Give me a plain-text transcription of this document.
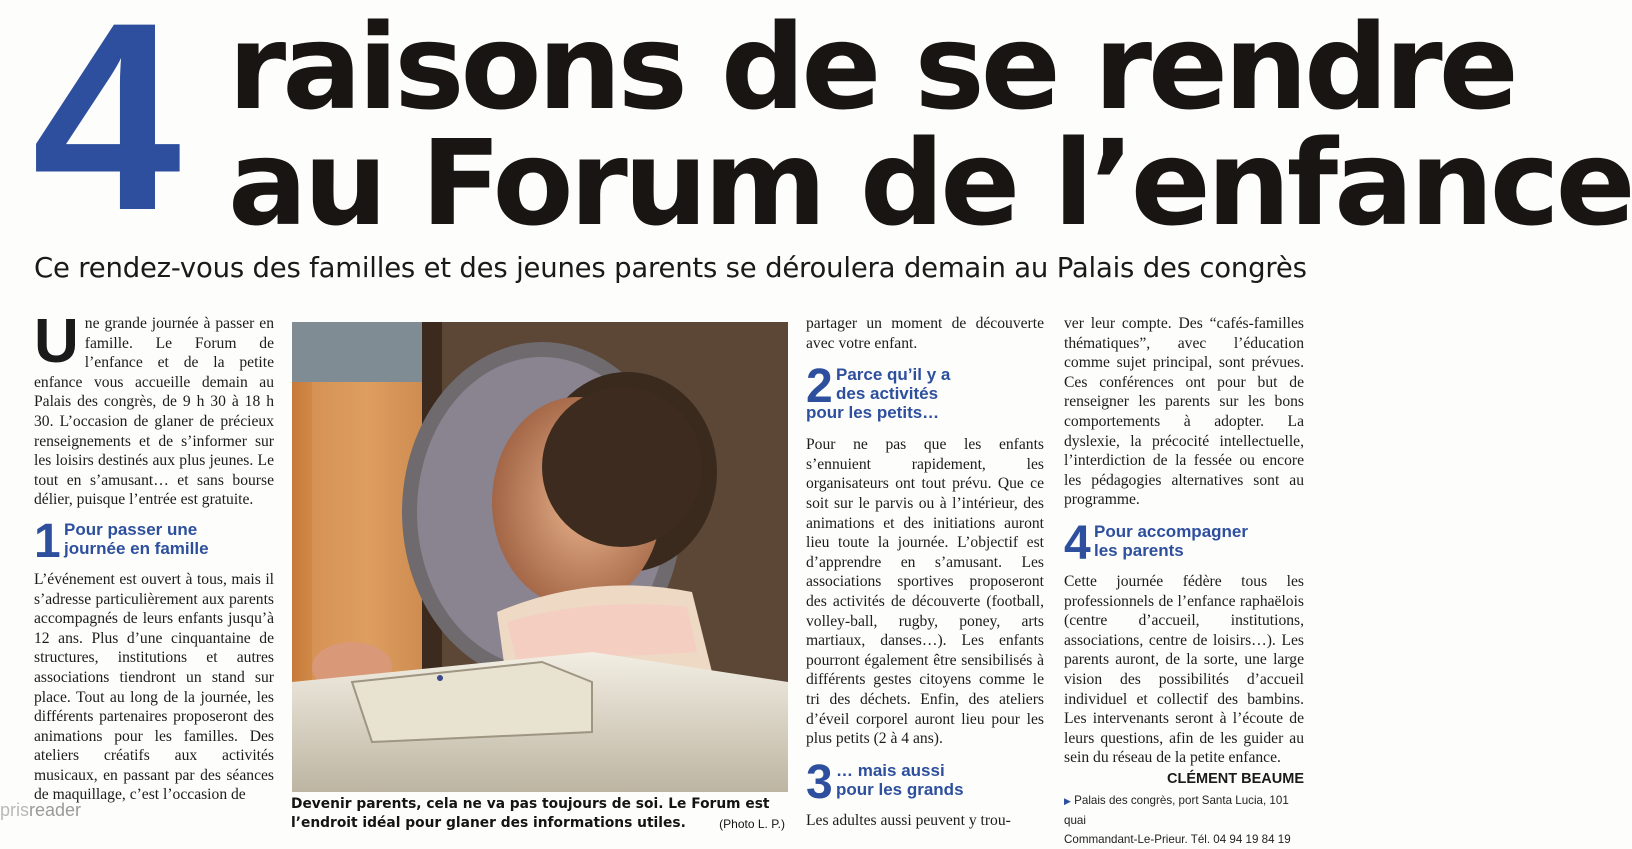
4 raisons de se rendre
au Forum de l’enfance
Ce rendez-vous des familles et des jeunes parents se déroulera demain au Palais des congrès

Une grande journée à passer en famille. Le Forum de l’enfance et de la petite enfance vous accueille demain au Palais des congrès, de 9 h 30 à 18 h 30. L’occasion de glaner de précieux renseignements et de s’informer sur les loisirs destinés aux plus jeunes. Le tout en s’amusant… et sans bourse délier, puisque l’entrée est gratuite.

1 Pour passer une
journée en famille

L’événement est ouvert à tous, mais il s’adresse particulièrement aux parents accompagnés de leurs enfants jusqu’à 12 ans. Plus d’une cinquantaine de structures, institutions et autres associations tiendront un stand sur place. Tout au long de la journée, les différents partenaires proposeront des animations pour les familles. Des ateliers créatifs aux activités musicaux, en passant par des séances de maquillage, c’est l’occasion de

Devenir parents, cela ne va pas toujours de soi. Le Forum est l’endroit idéal pour glaner des informations utiles.	(Photo L. P.)

partager un moment de découverte avec votre enfant.

2 Parce qu’il y a
des activités
pour les petits…

Pour ne pas que les enfants s’ennuient rapidement, les organisateurs ont tout prévu. Que ce soit sur le parvis ou à l’intérieur, des animations et des initiations auront lieu toute la journée. L’objectif est d’apprendre en s’amusant. Les associations sportives proposeront des activités de découverte (football, volley-ball, rugby, poney, arts martiaux, danses…). Les enfants pourront également être sensibilisés à différents gestes citoyens comme le tri des déchets. Enfin, des ateliers d’éveil corporel auront lieu pour les plus petits (2 à 4 ans).

3 … mais aussi
pour les grands

Les adultes aussi peuvent y trou-

ver leur compte. Des “cafés-familles thématiques”, avec l’éducation comme sujet principal, sont prévues. Ces conférences ont pour but de renseigner les parents sur les bons comportements à adopter. La dyslexie, la précocité intellectuelle, l’interdiction de la fessée ou encore les pédagogies alternatives sont au programme.

4 Pour accompagner
les parents

Cette journée fédère tous les professionnels de l’enfance raphaëlois (centre d’accueil, institutions, associations, centre de loisirs…). Les parents auront, de la sorte, une large vision des possibilités d’accueil individuel et collectif des bambins. Les intervenants seront à l’écoute de leurs questions, afin de les guider au sein du réseau de la petite enfance.

CLÉMENT BEAUME
▶ Palais des congrès, port Santa Lucia, 101 quai
Commandant-Le-Prieur. Tél. 04 94 19 84 19
prisreader
